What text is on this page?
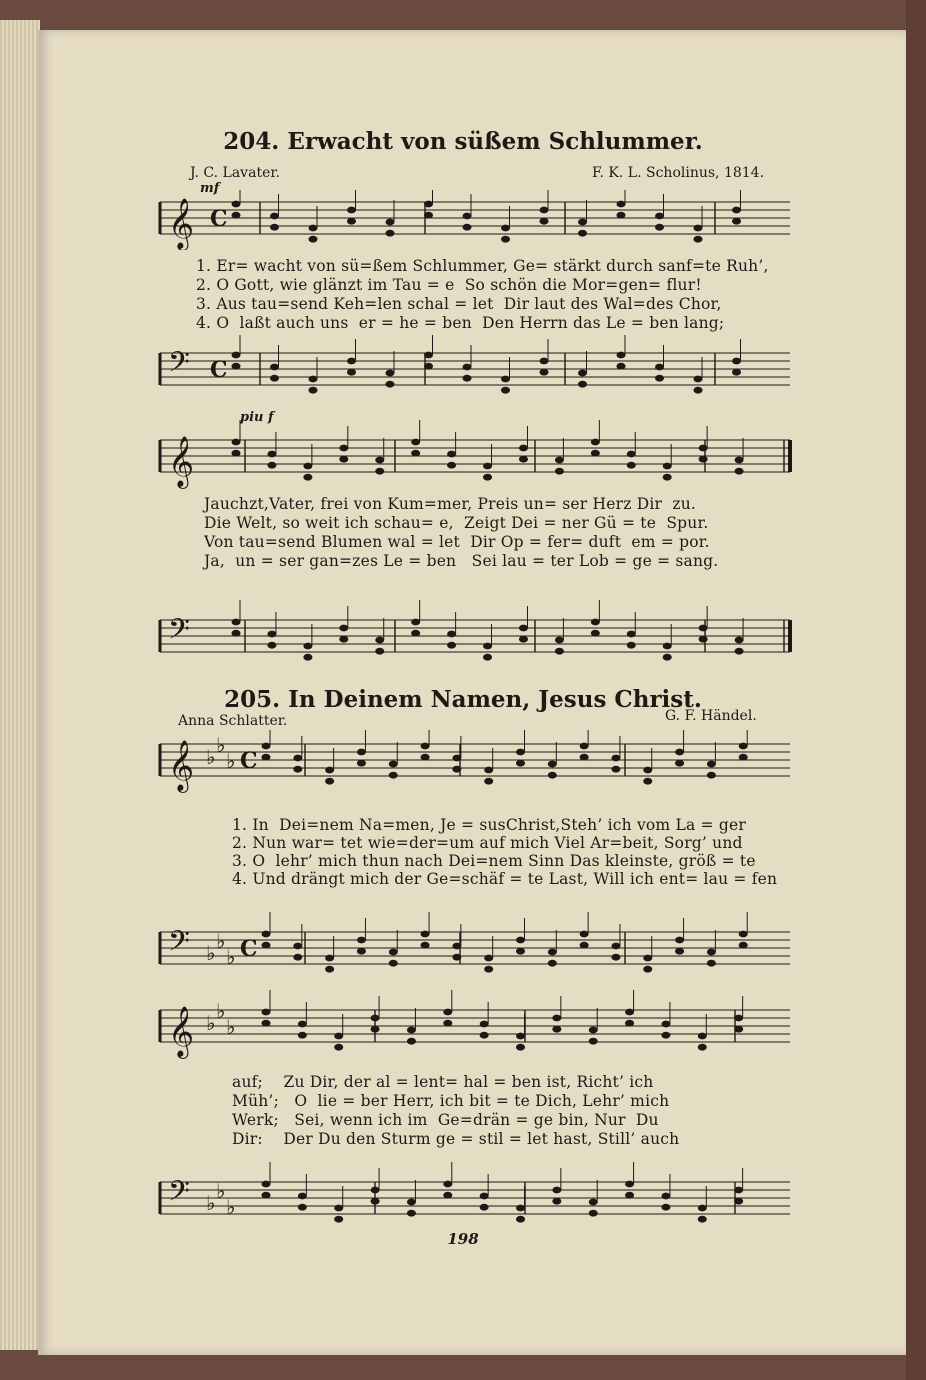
204. Erwacht von süßem Schlummer.
J. C. Lavater.	F. K. L. Scholinus, 1814.
mf
𝄞 C
1. Er= wacht von sü=ßem Schlummer, Ge= stärkt durch sanf=te Ruh’,
2. O Gott, wie glänzt im Tau = e  So schön die Mor=gen= flur!
3. Aus tau=send Keh=len schal = let  Dir laut des Wal=des Chor,
4. O  laßt auch uns  er = he = ben  Den Herrn das Le = ben lang;
𝄢 C
piu f
𝄞
Jauchzt,Vater, frei von Kum=mer, Preis un= ser Herz Dir  zu.
Die Welt, so weit ich schau= e,  Zeigt Dei = ner Gü = te  Spur.
Von tau=send Blumen wal = let  Dir Op = fer= duft  em = por.
Ja,  un = ser gan=zes Le = ben   Sei lau = ter Lob = ge = sang.
𝄢
205. In Deinem Namen, Jesus Christ.
Anna Schlatter.	G. F. Händel.
𝄞 ♭ ♭
♭ C
1. In  Dei=nem Na=men, Je = susChrist,Steh’ ich vom La = ger
2. Nun war= tet wie=der=um auf mich Viel Ar=beit, Sorg’ und
3. O  lehr’ mich thun nach Dei=nem Sinn Das kleinste, größ = te
4. Und drängt mich der Ge=schäf = te Last, Will ich ent= lau = fen
𝄢 ♭ ♭
♭ C
𝄞 ♭ ♭
♭
auf;    Zu Dir, der al = lent= hal = ben ist, Richt’ ich
Müh’;   O  lie = ber Herr, ich bit = te Dich, Lehr’ mich
Werk;   Sei, wenn ich im  Ge=drän = ge bin, Nur  Du
Dir:    Der Du den Sturm ge = stil = let hast, Still’ auch
𝄢 ♭ ♭
♭
198
